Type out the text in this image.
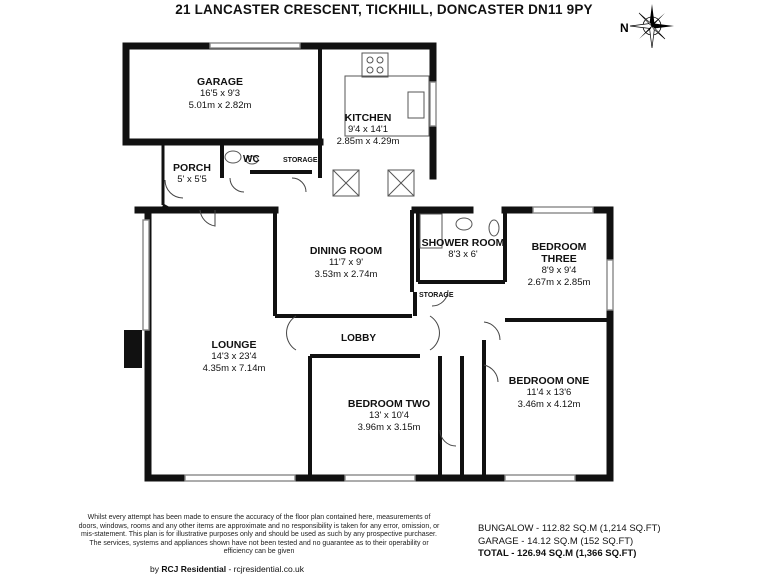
21 LANCASTER CRESCENT, TICKHILL, DONCASTER DN11 9PY
N
GARAGE
16'5 x 9'3
5.01m x 2.82m
KITCHEN
9'4 x 14'1
2.85m x 4.29m
PORCH
5' x 5'5
DINING ROOM
11'7 x 9'
3.53m x 2.74m
SHOWER ROOM
8'3 x 6'
BEDROOM
THREE
8'9 x 9'4
2.67m x 2.85m
LOUNGE
14'3 x 23'4
4.35m x 7.14m
BEDROOM ONE
11'4 x 13'6
3.46m x 4.12m
BEDROOM TWO
13' x 10'4
3.96m x 3.15m
WC	STORAGE
STORAGE
LOBBY
Whilst every attempt has been made to ensure the accuracy of the floor plan contained here, measurements of doors, windows, rooms and any other items are approximate and no responsibility is taken for any error, omission, or mis-statement. This plan is for illustrative purposes only and should be used as such by any prospective purchaser. The services, systems and appliances shown have not been tested and no guarantee as to their operability or efficiency can be given
by RCJ Residential - rcjresidential.co.uk
BUNGALOW - 112.82 SQ.M (1,214 SQ.FT)
GARAGE - 14.12 SQ.M (152 SQ.FT)
TOTAL - 126.94 SQ.M (1,366 SQ.FT)
